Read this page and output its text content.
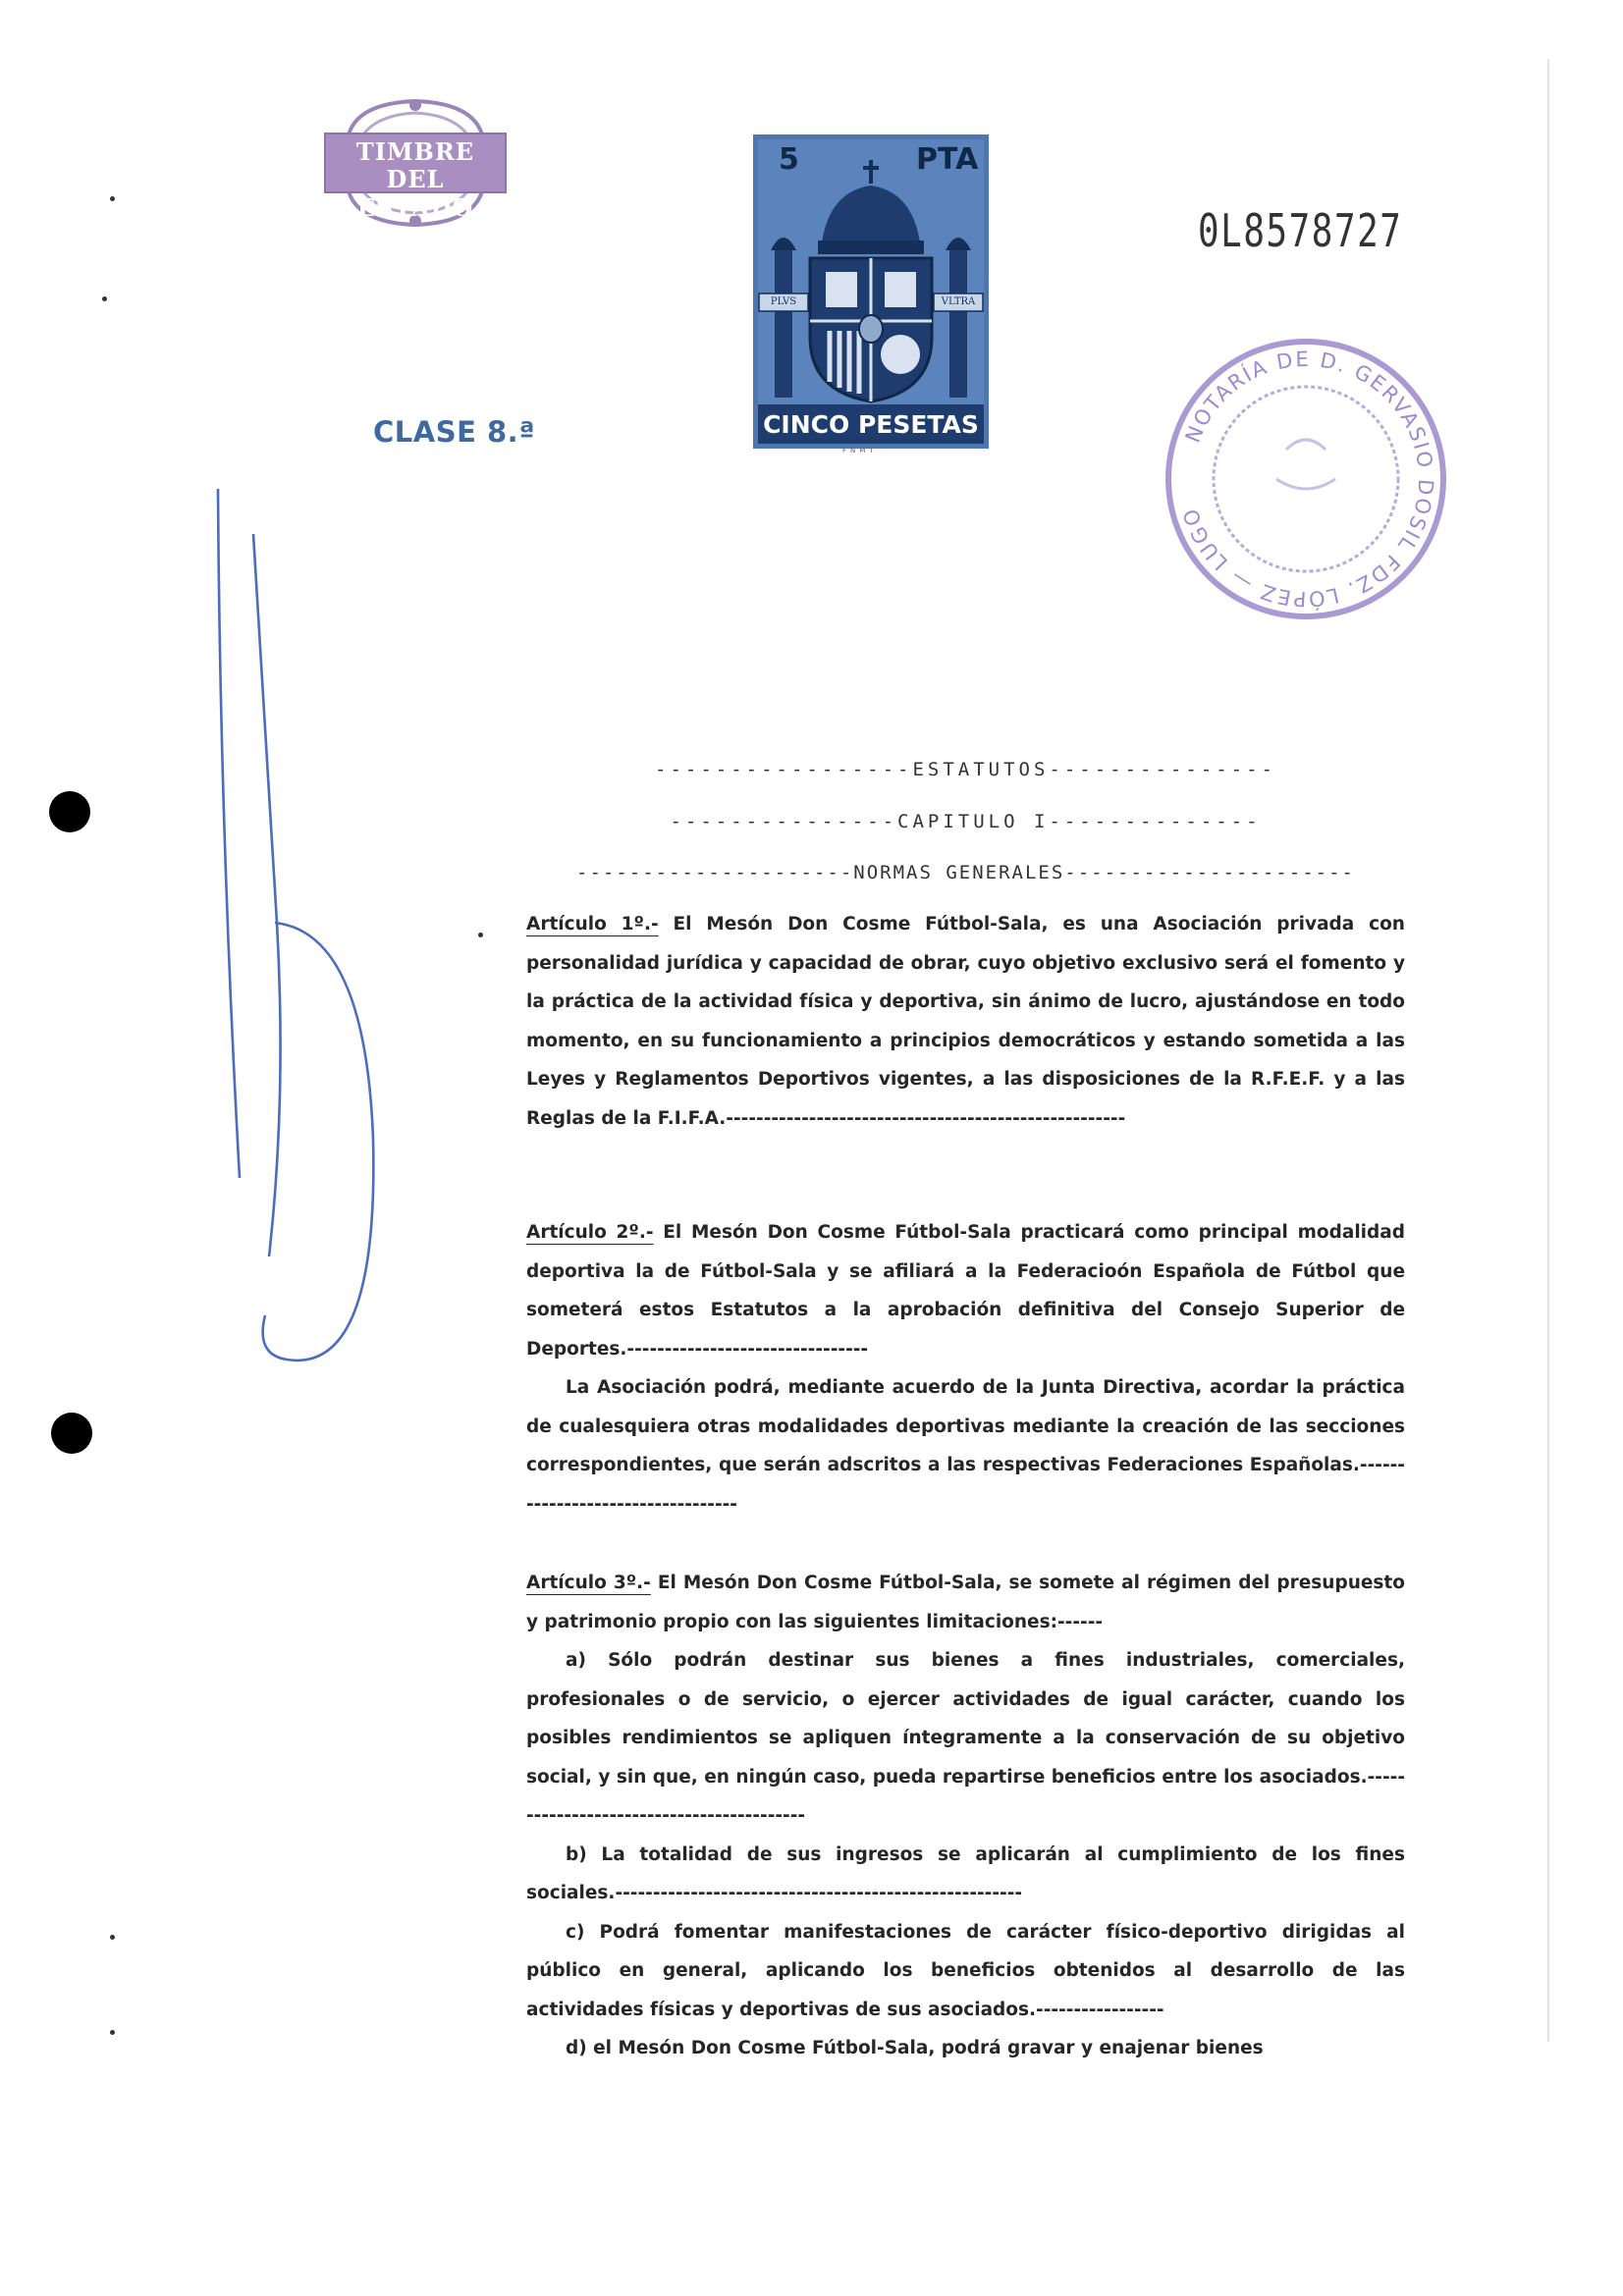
TIMBRE
DEL ESTADO
CLASE 8.ª
5	PTA
PLVS	VLTRA
CINCO PESETAS
FNMT
0L8578727
NOTARÍA DE D. GERVASIO DOSIL FDZ. LÓPEZ — LUGO
-----------------ESTATUTOS---------------
---------------CAPITULO I--------------
---------------------NORMAS GENERALES----------------------

Artículo 1º.- El Mesón Don Cosme Fútbol-Sala, es una Asociación privada con personalidad jurídica y capacidad de obrar, cuyo objetivo exclusivo será el fomento y la práctica de la actividad física y deportiva, sin ánimo de lucro, ajustándose en todo momento, en su funcionamiento a principios democráticos y estando sometida a las Leyes y Reglamentos Deportivos vigentes, a las disposiciones de la R.F.E.F. y a las Reglas de la F.I.F.A.-----------------------------------------------------

Artículo 2º.- El Mesón Don Cosme Fútbol-Sala practicará como principal modalidad deportiva la de Fútbol-Sala y se afiliará a la Federacioón Española de Fútbol que someterá estos Estatutos a la aprobación definitiva del Consejo Superior de Deportes.--------------------------------

La Asociación podrá, mediante acuerdo de la Junta Directiva, acordar la práctica de cualesquiera otras modalidades deportivas mediante la creación de las secciones correspondientes, que serán adscritos a las respectivas Federaciones Españolas.----------------------------------

Artículo 3º.- El Mesón Don Cosme Fútbol-Sala, se somete al régimen del presupuesto y patrimonio propio con las siguientes limitaciones:------

a) Sólo podrán destinar sus bienes a fines industriales, comerciales, profesionales o de servicio, o ejercer actividades de igual carácter, cuando los posibles rendimientos se apliquen íntegramente a la conservación de su objetivo social, y sin que, en ningún caso, pueda repartirse beneficios entre los asociados.------------------------------------------

b) La totalidad de sus ingresos se aplicarán al cumplimiento de los fines sociales.------------------------------------------------------

c) Podrá fomentar manifestaciones de carácter físico-deportivo dirigidas al público en general, aplicando los beneficios obtenidos al desarrollo de las actividades físicas y deportivas de sus asociados.-----------------

d) el Mesón Don Cosme Fútbol-Sala, podrá gravar y enajenar bienes
